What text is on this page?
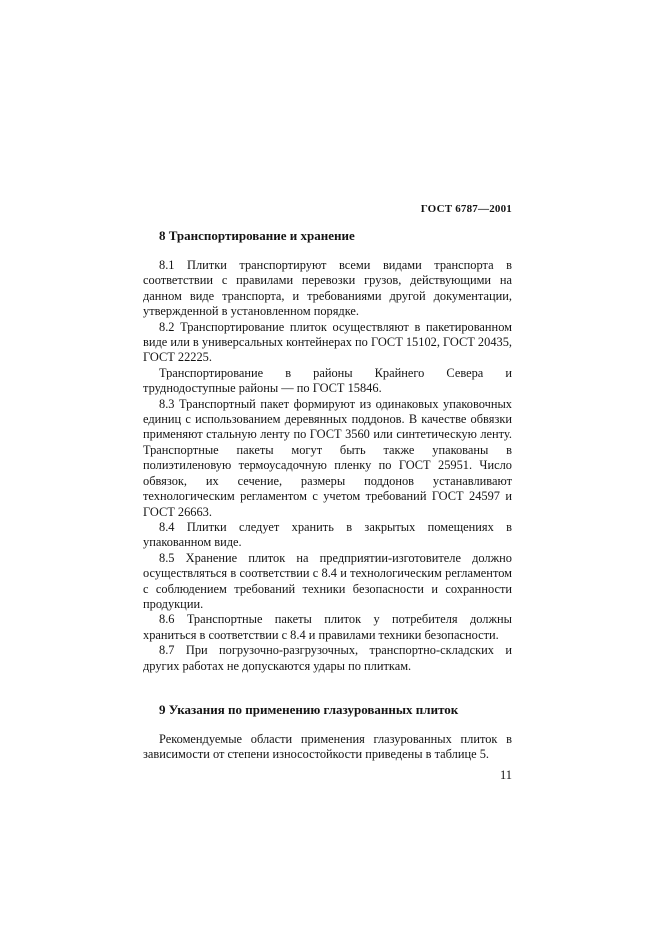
ГОСТ 6787—2001
8 Транспортирование и хранение

8.1 Плитки транспортируют всеми видами транспорта в соответствии с правилами перевозки грузов, действующими на данном виде транспорта, и требованиями другой документации, утвержденной в установленном порядке.

8.2 Транспортирование плиток осуществляют в пакетированном виде или в универсальных контейнерах по ГОСТ 15102, ГОСТ 20435, ГОСТ 22225.

Транспортирование в районы Крайнего Севера и труднодоступные районы — по ГОСТ 15846.

8.3 Транспортный пакет формируют из одинаковых упаковочных единиц с использованием деревянных поддонов. В качестве обвязки применяют стальную ленту по ГОСТ 3560 или синтетическую ленту. Транспортные пакеты могут быть также упакованы в полиэтиленовую термоусадочную пленку по ГОСТ 25951. Число обвязок, их сечение, размеры поддонов устанавливают технологическим регламентом с учетом требований ГОСТ 24597 и ГОСТ 26663.

8.4 Плитки следует хранить в закрытых помещениях в упакованном виде.

8.5 Хранение плиток на предприятии-изготовителе должно осуществляться в соответствии с 8.4 и технологическим регламентом с соблюдением требований техники безопасности и сохранности продукции.

8.6 Транспортные пакеты плиток у потребителя должны храниться в соответствии с 8.4 и правилами техники безопасности.

8.7 При погрузочно-разгрузочных, транспортно-складских и других работах не допускаются удары по плиткам.

9 Указания по применению глазурованных плиток

Рекомендуемые области применения глазурованных плиток в зависимости от степени износостойкости приведены в таблице 5.

11
